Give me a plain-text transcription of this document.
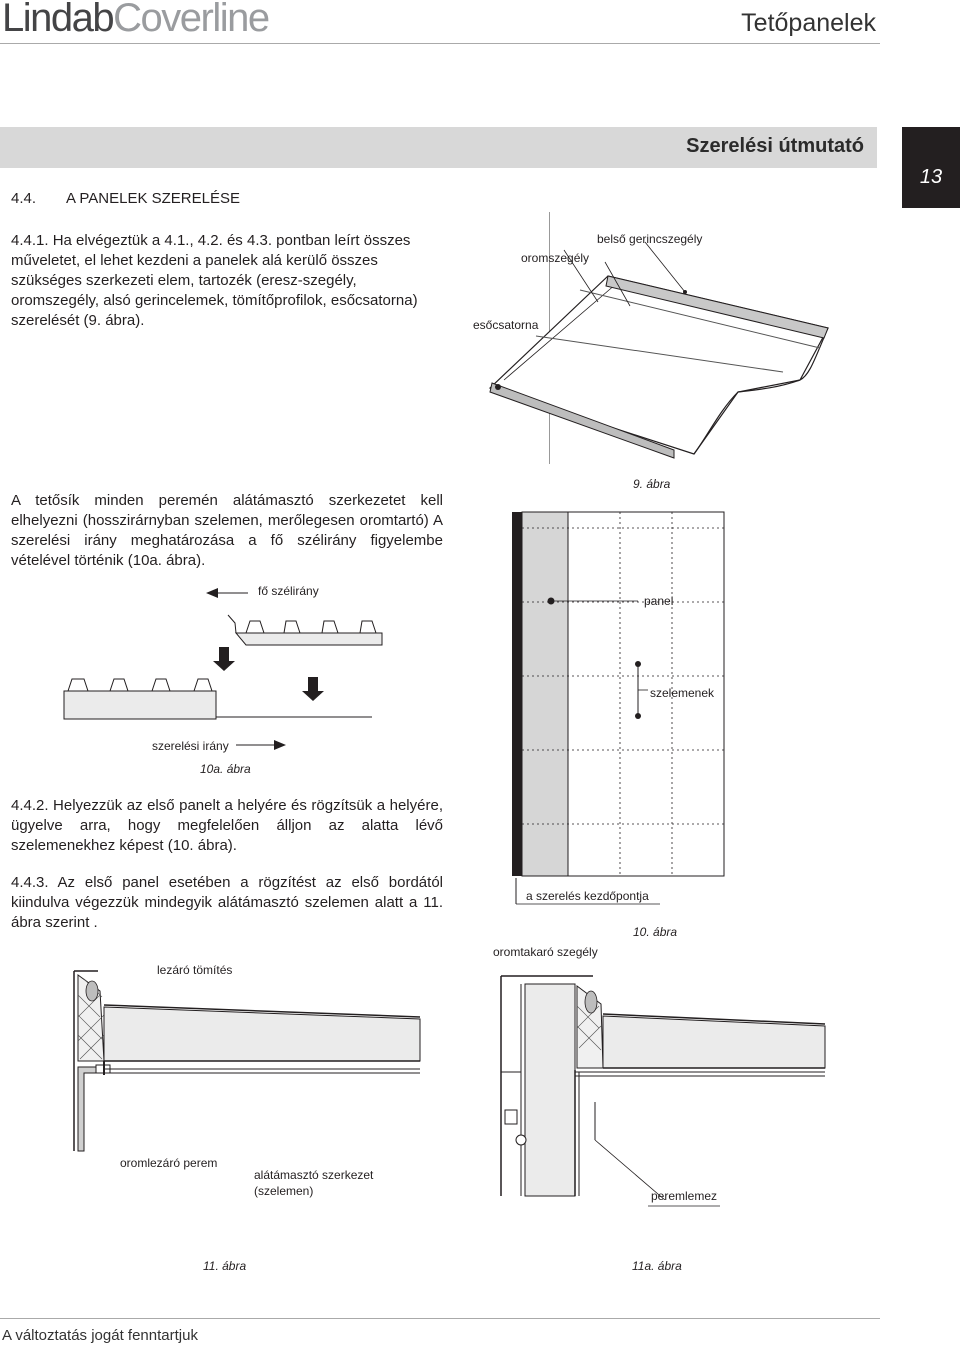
LindabCoverline	Tetőpanelek
Szerelési útmutató
13
4.4. A PANELEK SZERELÉSE
4.4.1. Ha elvégeztük a 4.1., 4.2. és 4.3. pontban leírt összes műveletet, el lehet kezdeni a panelek alá kerülő összes szükséges szerkezeti elem, tartozék (eresz-szegély, oromszegély, alsó gerincelemek, tömítőprofilok, esőcsatorna) szerelését (9. ábra).
A tetősík minden peremén alátámasztó szerkezetet kell elhelyezni (hosszirárnyban szelemen, merőlegesen oromtartó) A szerelési irány meghatározása a fő szélirány figyelembe vételével történik (10a. ábra).
4.4.2. Helyezzük az első panelt a helyére és rögzítsük a helyére, ügyelve arra, hogy megfelelően álljon az alatta lévő szelemenekhez képest (10. ábra).
4.4.3. Az első panel esetében a rögzítést az első bordától kiindulva végezzük mindegyik alátámasztó szelemen alatt a 11. ábra szerint .
belső gerincszegély
oromszegély
esőcsatorna
9. ábra
panel
szelemenek
a szerelés kezdőpontja
10. ábra
fő szélirány
szerelési irány
10a. ábra
lezáró tömítés
oromlezáró perem
alátámasztó szerkezet
(szelemen)
11. ábra
oromtakaró szegély
peremlemez
11a. ábra
A változtatás jogát fenntartjuk
